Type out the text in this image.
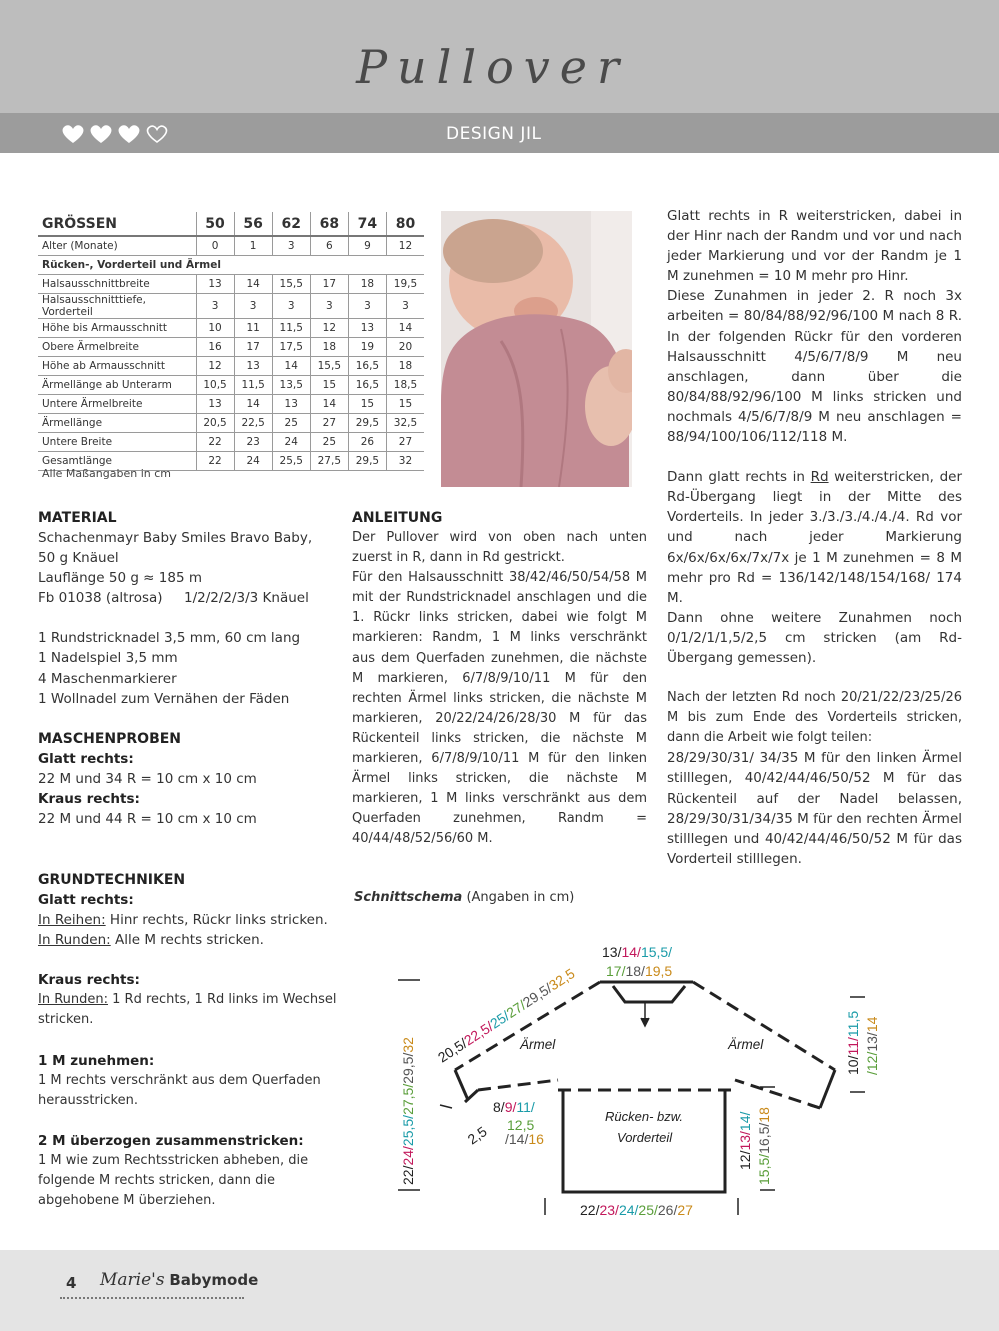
Pullover
DESIGN JIL
GRÖSSEN	50	56	62	68	74	80
Alter (Monate)	0	1	3	6	9	12
Rücken-, Vorderteil und Ärmel						
Halsausschnittbreite	13	14	15,5	17	18	19,5
Halsausschnitttiefe, Vorderteil	3	3	3	3	3	3
Höhe bis Armausschnitt	10	11	11,5	12	13	14
Obere Ärmelbreite	16	17	17,5	18	19	20
Höhe ab Armausschnitt	12	13	14	15,5	16,5	18
Ärmellänge ab Unterarm	10,5	11,5	13,5	15	16,5	18,5
Untere Ärmelbreite	13	14	13	14	15	15
Ärmellänge	20,5	22,5	25	27	29,5	32,5
Untere Breite	22	23	24	25	26	27
Gesamtlänge	22	24	25,5	27,5	29,5	32
Alle Maßangaben in cm
MATERIAL

Schachenmayr Baby Smiles Bravo Baby,

50 g Knäuel

Lauflänge 50 g ≈ 185 m

Fb 01038 (altrosa)     1/2/2/2/3/3 Knäuel

1 Rundstricknadel 3,5 mm, 60 cm lang

1 Nadelspiel 3,5 mm

4 Maschenmarkierer

1 Wollnadel zum Vernähen der Fäden

MASCHENPROBEN

Glatt rechts:

22 M und 34 R = 10 cm x 10 cm

Kraus rechts:

22 M und 44 R = 10 cm x 10 cm

GRUNDTECHNIKEN

Glatt rechts:

In Reihen: Hinr rechts, Rückr links stricken.

In Runden: Alle M rechts stricken.

Kraus rechts:

In Runden: 1 Rd rechts, 1 Rd links im Wechsel stricken.

1 M zunehmen:

1 M rechts verschränkt aus dem Querfaden herausstricken.

2 M überzogen zusammenstricken:

1 M wie zum Rechtsstricken abheben, die folgende M rechts stricken, dann die abgehobene M überziehen.

ANLEITUNG

Der Pullover wird von oben nach unten zuerst in R, dann in Rd gestrickt.

Für den Halsausschnitt 38/42/46/50/54/58 M mit der Rundstricknadel anschlagen und die 1. Rückr links stricken, dabei wie folgt M markieren: Randm, 1 M links verschränkt aus dem Querfaden zunehmen, die nächste M markieren, 6/7/8/9/10/11 M für den rechten Ärmel links stricken, die nächste M markieren, 20/22/24/26/28/30 M für das Rückenteil links stricken, die nächste M markieren, 6/7/8/9/10/11 M für den linken Ärmel links stricken, die nächste M markieren, 1 M links verschränkt aus dem Querfaden zunehmen, Randm = 40/44/48/52/56/60 M.

Glatt rechts in R weiterstricken, dabei in der Hinr nach der Randm und vor und nach jeder Markierung und vor der Randm je 1 M zunehmen = 10 M mehr pro Hinr.

Diese Zunahmen in jeder 2. R noch 3x arbeiten = 80/84/88/92/96/100 M nach 8 R. In der folgenden Rückr für den vorderen Halsausschnitt 4/5/6/7/8/9 M neu anschlagen, dann über die 80/84/88/92/96/100 M links stricken und nochmals 4/5/6/7/8/9 M neu anschlagen = 88/94/100/106/112/118 M.

Dann glatt rechts in Rd weiterstricken, der Rd-Übergang liegt in der Mitte des Vorderteils. In jeder 3./3./3./4./4./4. Rd vor und nach jeder Markierung 6x/6x/6x/6x/7x/7x je 1 M zunehmen = 8 M mehr pro Rd = 136/142/148/154/168/ 174 M.

Dann ohne weitere Zunahmen noch 0/1/2/1/1,5/2,5 cm stricken (am Rd-Übergang gemessen).

Nach der letzten Rd noch 20/21/22/23/25/26 M bis zum Ende des Vorderteils stricken, dann die Arbeit wie folgt teilen:

28/29/30/31/ 34/35 M für den linken Ärmel stilllegen, 40/42/44/46/50/52 M für das Rückenteil auf der Nadel belassen, 28/29/30/31/34/35 M für den rechten Ärmel stilllegen und 40/42/44/46/50/52 M für das Vorderteil stilllegen.

Schnittschema (Angaben in cm)
Ärmel	Ärmel
Rücken- bzw.
Vorderteil
13/14/15,5/
17/18/19,5
20,5/22,5/25/27/29,5/32,5
22/24/25,5/27,5/29,5/32
8/9/11/
12,5
/14/16
2,5
12/13/14/
15,5/16,5/18
10/11/11,5
/12/13/14
22/23/24/25/26/27
4 Marie's Babymode
